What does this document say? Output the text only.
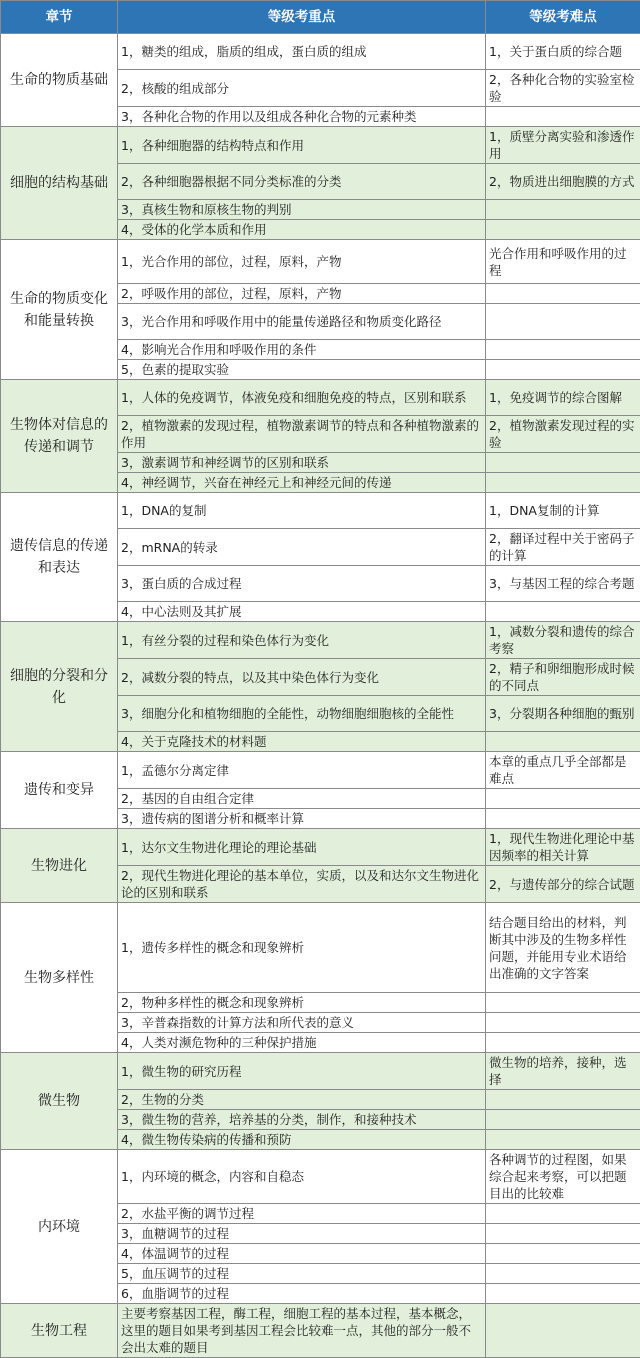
章节	等级考重点	等级考难点
生命的物质基础	1，糖类的组成，脂质的组成，蛋白质的组成	1，关于蛋白质的综合题
	2，核酸的组成部分	2，各种化合物的实验室检验
	3，各种化合物的作用以及组成各种化合物的元素种类	
细胞的结构基础	1，各种细胞器的结构特点和作用	1，质壁分离实验和渗透作用
	2，各种细胞器根据不同分类标准的分类	2，物质进出细胞膜的方式
	3，真核生物和原核生物的判别	
	4，受体的化学本质和作用	
生命的物质变化和能量转换	1，光合作用的部位，过程，原料，产物	光合作用和呼吸作用的过程
	2，呼吸作用的部位，过程，原料，产物	
	3，光合作用和呼吸作用中的能量传递路径和物质变化路径	
	4，影响光合作用和呼吸作用的条件	
	5，色素的提取实验	
生物体对信息的传递和调节	1，人体的免疫调节，体液免疫和细胞免疫的特点，区别和联系	1，免疫调节的综合图解
	2，植物激素的发现过程，植物激素调节的特点和各种植物激素的作用	2，植物激素发现过程的实验
	3，激素调节和神经调节的区别和联系	
	4，神经调节，兴奋在神经元上和神经元间的传递	
遗传信息的传递和表达	1，DNA的复制	1，DNA复制的计算
	2，mRNA的转录	2，翻译过程中关于密码子的计算
	3，蛋白质的合成过程	3，与基因工程的综合考题
	4，中心法则及其扩展	
细胞的分裂和分化	1，有丝分裂的过程和染色体行为变化	1，减数分裂和遗传的综合考察
	2，减数分裂的特点，以及其中染色体行为变化	2，精子和卵细胞形成时候的不同点
	3，细胞分化和植物细胞的全能性，动物细胞细胞核的全能性	3，分裂期各种细胞的甄别
	4，关于克隆技术的材料题	
遗传和变异	1，孟德尔分离定律	本章的重点几乎全部都是难点
	2，基因的自由组合定律	
	3，遗传病的图谱分析和概率计算	
生物进化	1，达尔文生物进化理论的理论基础	1，现代生物进化理论中基因频率的相关计算
	2，现代生物进化理论的基本单位，实质，以及和达尔文生物进化论的区别和联系	2，与遗传部分的综合试题
生物多样性	1，遗传多样性的概念和现象辨析	结合题目给出的材料，判断其中涉及的生物多样性问题，并能用专业术语给出准确的文字答案
	2，物种多样性的概念和现象辨析	
	3，辛普森指数的计算方法和所代表的意义	
	4，人类对濒危物种的三种保护措施	
微生物	1，微生物的研究历程	微生物的培养，接种，选择
	2，生物的分类	
	3，微生物的营养，培养基的分类，制作，和接种技术	
	4，微生物传染病的传播和预防	
内环境	1，内环境的概念，内容和自稳态	各种调节的过程图，如果综合起来考察，可以把题目出的比较难
	2，水盐平衡的调节过程	
	3，血糖调节的过程	
	4，体温调节的过程	
	5，血压调节的过程	
	6，血脂调节的过程	
生物工程	主要考察基因工程，酶工程，细胞工程的基本过程，基本概念，这里的题目如果考到基因工程会比较难一点，其他的部分一般不会出太难的题目	
